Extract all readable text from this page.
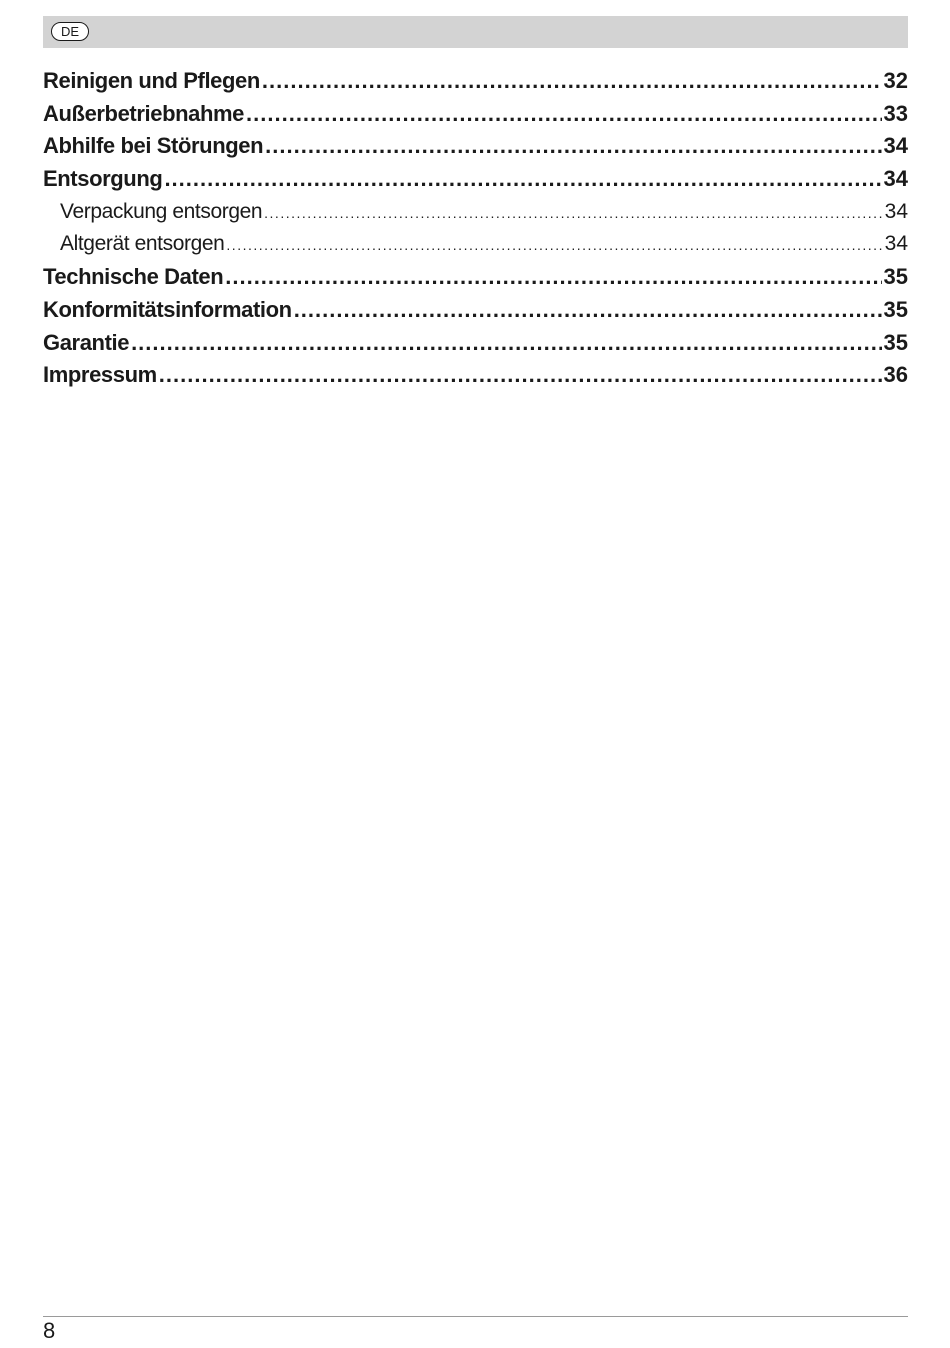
DE
Reinigen und Pflegen .....	32
Außerbetriebnahme .....	33
Abhilfe bei Störungen .....	34
Entsorgung .....	34
Verpackung entsorgen .....	34
Altgerät entsorgen .....	34
Technische Daten .....	35
Konformitätsinformation .....	35
Garantie .....	35
Impressum .....	36
8
